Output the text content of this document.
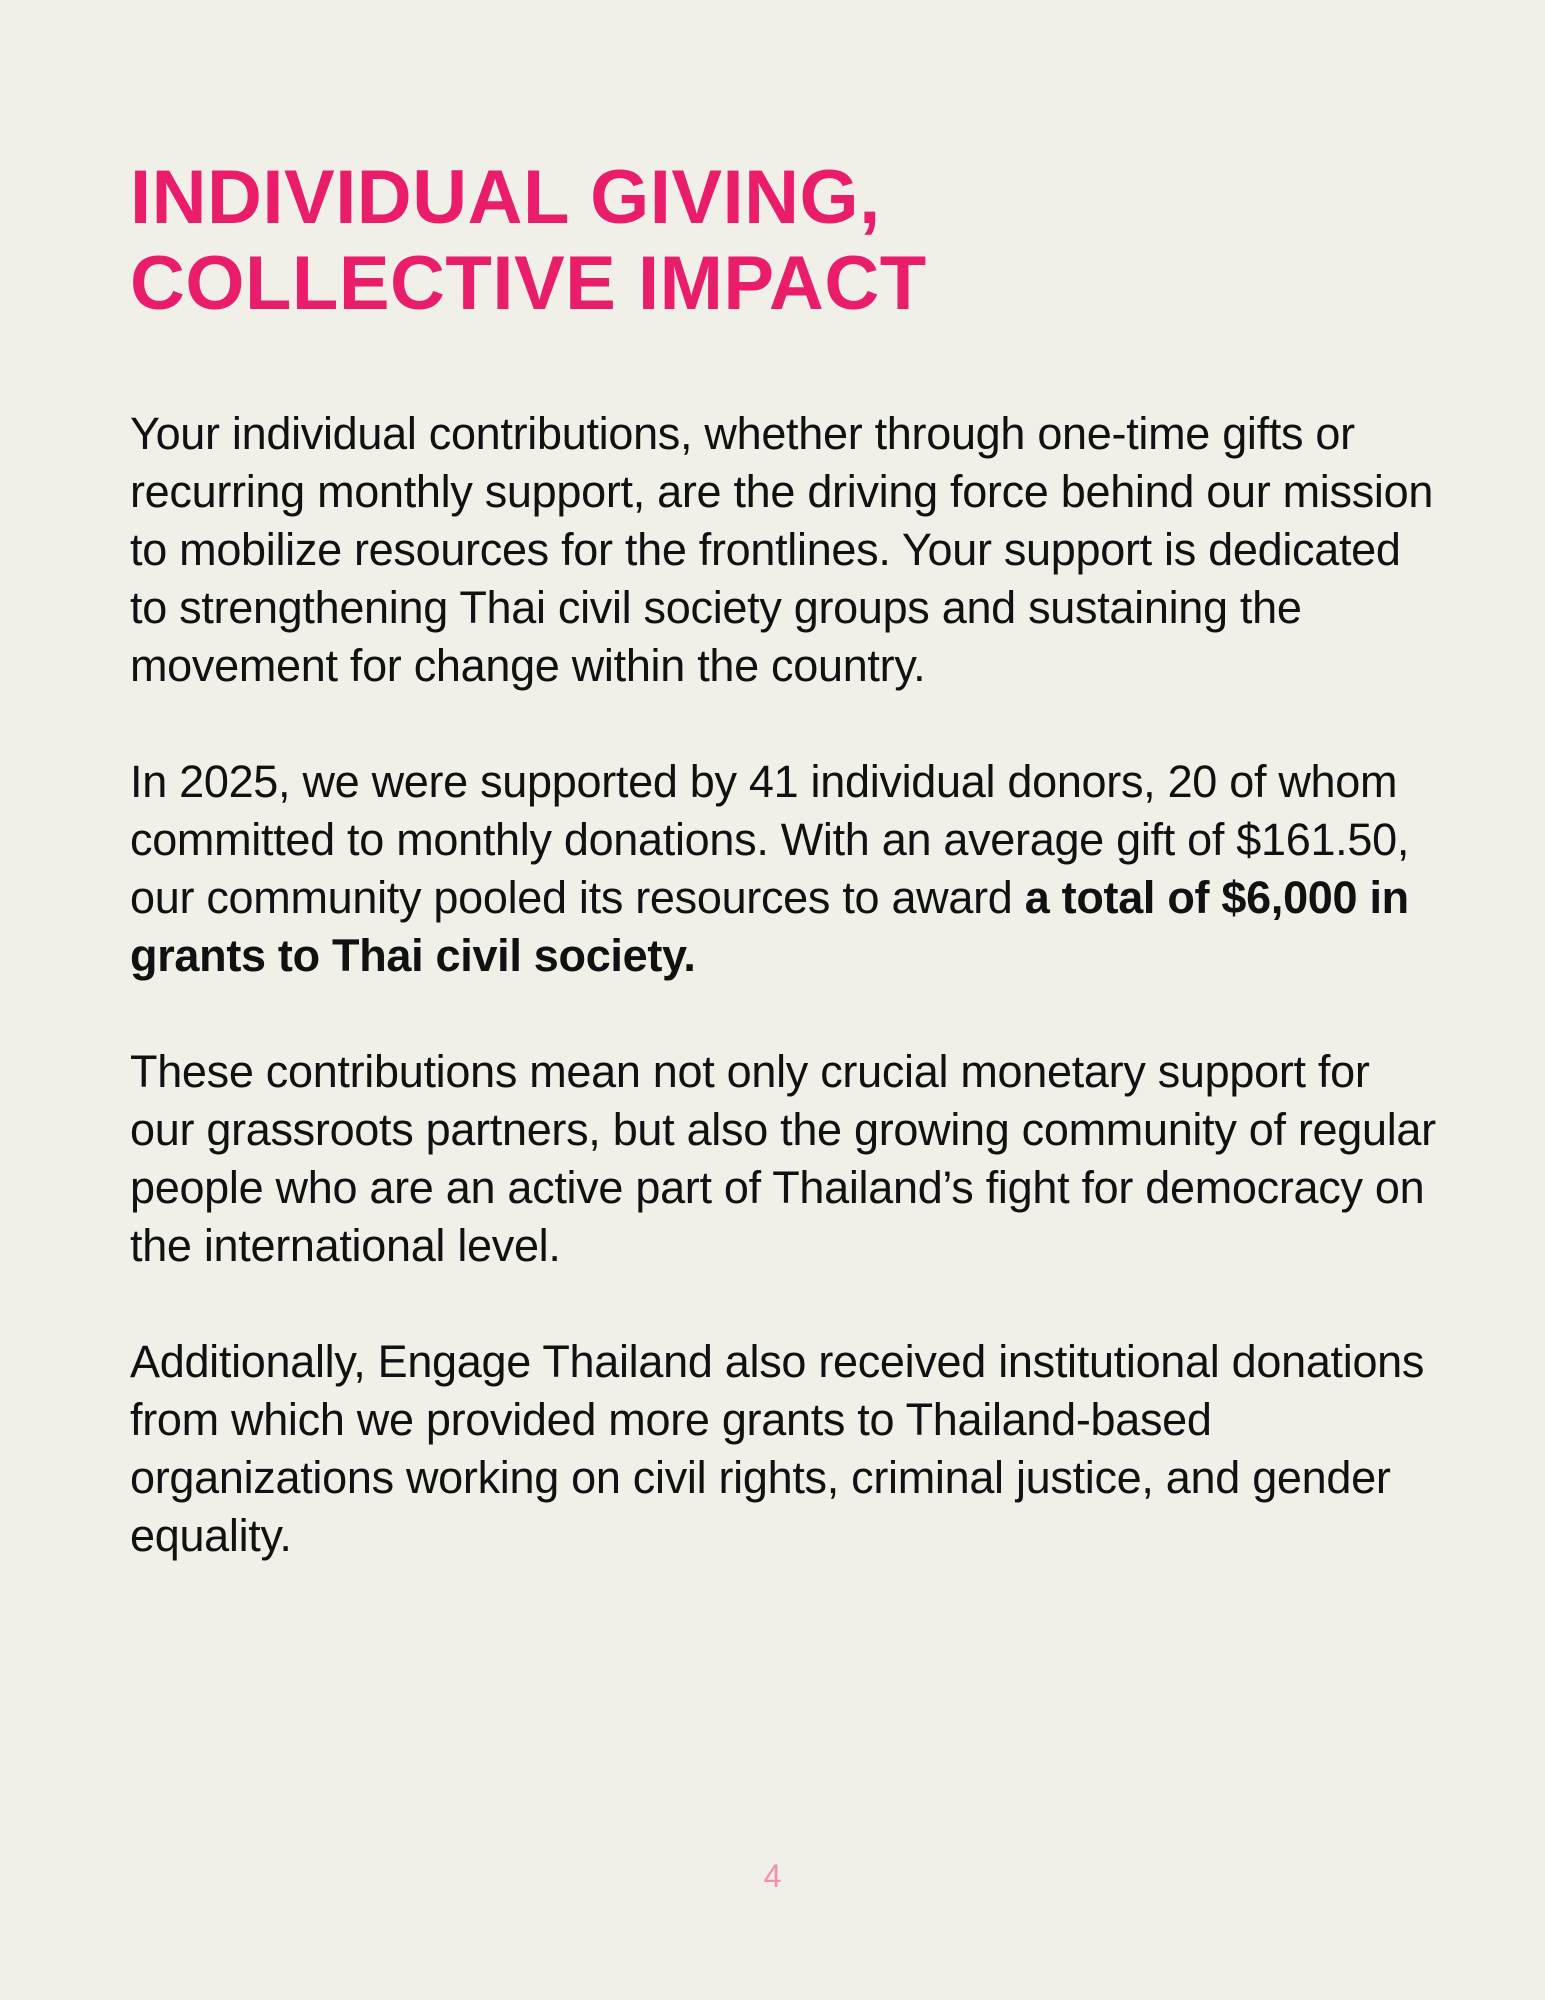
INDIVIDUAL GIVING,
COLLECTIVE IMPACT

Your individual contributions, whether through one-time gifts or recurring monthly support, are the driving force behind our mission to mobilize resources for the frontlines. Your support is dedicated to strengthening Thai civil society groups and sustaining the movement for change within the country.

In 2025, we were supported by 41 individual donors, 20 of whom committed to monthly donations. With an average gift of $161.50, our community pooled its resources to award a total of $6,000 in grants to Thai civil society.

These contributions mean not only crucial monetary support for our grassroots partners, but also the growing community of regular people who are an active part of Thailand’s fight for democracy on the international level.

Additionally, Engage Thailand also received institutional donations from which we provided more grants to Thailand-based organizations working on civil rights, criminal justice, and gender equality.

4
